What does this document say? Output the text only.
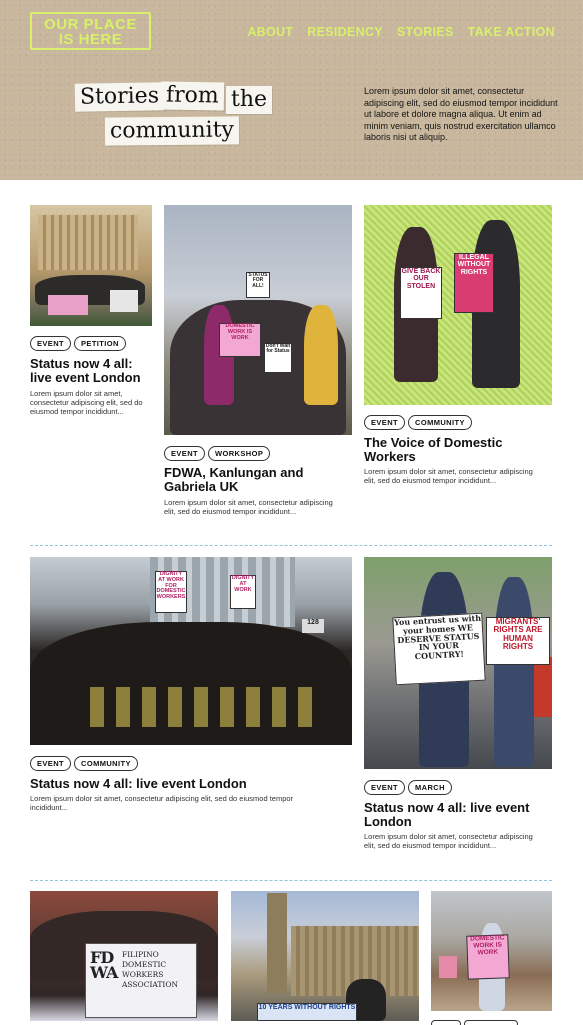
OUR PLACE
IS HERE	ABOUT RESIDENCY STORIES TAKE ACTION
Stories from the
community

Lorem ipsum dolor sit amet, consectetur adipiscing elit, sed do eiusmod tempor incididunt ut labore et dolore magna aliqua. Ut enim ad minim veniam, quis nostrud exercitation ullamco laboris nisi ut aliquip.

EVENT	PETITION
Status now 4 all: live event London
Lorem ipsum dolor sit amet, consectetur adipiscing elit, sed do eiusmod tempor incididunt...
STATUS FOR ALL!
DOMESTIC WORK IS WORK
Don't Wait for Status
EVENT	WORKSHOP
FDWA, Kanlungan and Gabriela UK
Lorem ipsum dolor sit amet, consectetur adipiscing elit, sed do eiusmod tempor incididunt...
GIVE BACK OUR STOLEN
ILLEGAL WITHOUT RIGHTS
EVENT	COMMUNITY
The Voice of Domestic Workers
Lorem ipsum dolor sit amet, consectetur adipiscing elit, sed do eiusmod tempor incididunt...
DIGNITY AT WORK FOR DOMESTIC WORKERS
DIGNITY AT WORK
128
EVENT	COMMUNITY
Status now 4 all: live event London
Lorem ipsum dolor sit amet, consectetur adipiscing elit, sed do eiusmod tempor incididunt...
You entrust us with your homes WE DESERVE STATUS IN YOUR COUNTRY!
MIGRANTS' RIGHTS ARE HUMAN RIGHTS
EVENT	MARCH
Status now 4 all: live event London
Lorem ipsum dolor sit amet, consectetur adipiscing elit, sed do eiusmod tempor incididunt...
FD WA
FILIPINO
DOMESTIC
WORKERS
ASSOCIATION
10 YEARS WITHOUT RIGHTS
DOMESTIC WORK IS WORK
